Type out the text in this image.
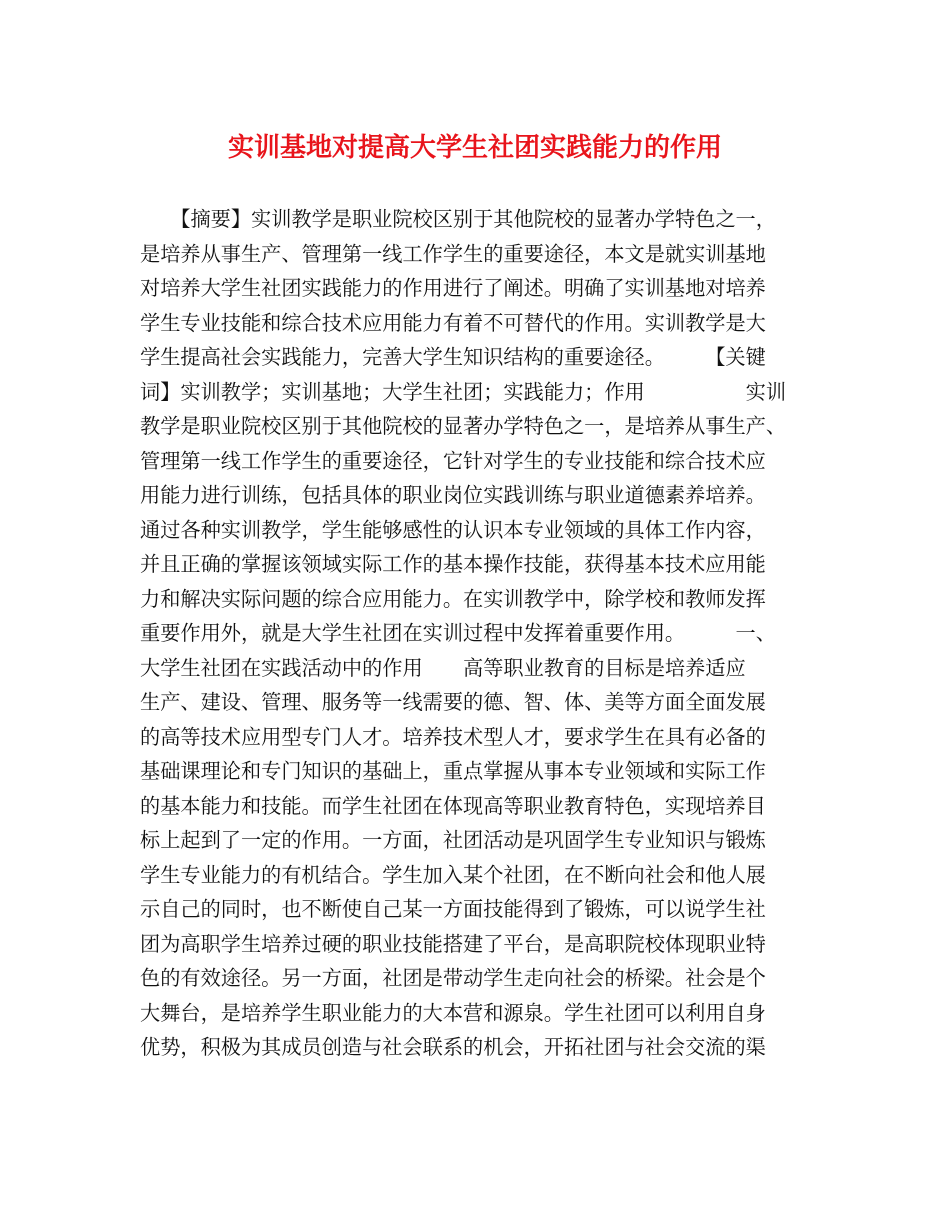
实训基地对提高大学生社团实践能力的作用
　　【摘要】实训教学是职业院校区别于其他院校的显著办学特色之一，
是培养从事生产、管理第一线工作学生的重要途径，本文是就实训基地
对培养大学生社团实践能力的作用进行了阐述。明确了实训基地对培养
学生专业技能和综合技术应用能力有着不可替代的作用。实训教学是大
学生提高社会实践能力，完善大学生知识结构的重要途径。　　　【关键
词】实训教学；实训基地；大学生社团；实践能力；作用　　　　　实训
教学是职业院校区别于其他院校的显著办学特色之一，是培养从事生产、
管理第一线工作学生的重要途径，它针对学生的专业技能和综合技术应
用能力进行训练，包括具体的职业岗位实践训练与职业道德素养培养。
通过各种实训教学，学生能够感性的认识本专业领域的具体工作内容，
并且正确的掌握该领域实际工作的基本操作技能，获得基本技术应用能
力和解决实际问题的综合应用能力。在实训教学中，除学校和教师发挥
重要作用外，就是大学生社团在实训过程中发挥着重要作用。　　　一、
大学生社团在实践活动中的作用　　高等职业教育的目标是培养适应
生产、建设、管理、服务等一线需要的德、智、体、美等方面全面发展
的高等技术应用型专门人才。培养技术型人才，要求学生在具有必备的
基础课理论和专门知识的基础上，重点掌握从事本专业领域和实际工作
的基本能力和技能。而学生社团在体现高等职业教育特色，实现培养目
标上起到了一定的作用。一方面，社团活动是巩固学生专业知识与锻炼
学生专业能力的有机结合。学生加入某个社团，在不断向社会和他人展
示自己的同时，也不断使自己某一方面技能得到了锻炼，可以说学生社
团为高职学生培养过硬的职业技能搭建了平台，是高职院校体现职业特
色的有效途径。另一方面，社团是带动学生走向社会的桥梁。社会是个
大舞台，是培养学生职业能力的大本营和源泉。学生社团可以利用自身
优势，积极为其成员创造与社会联系的机会，开拓社团与社会交流的渠
